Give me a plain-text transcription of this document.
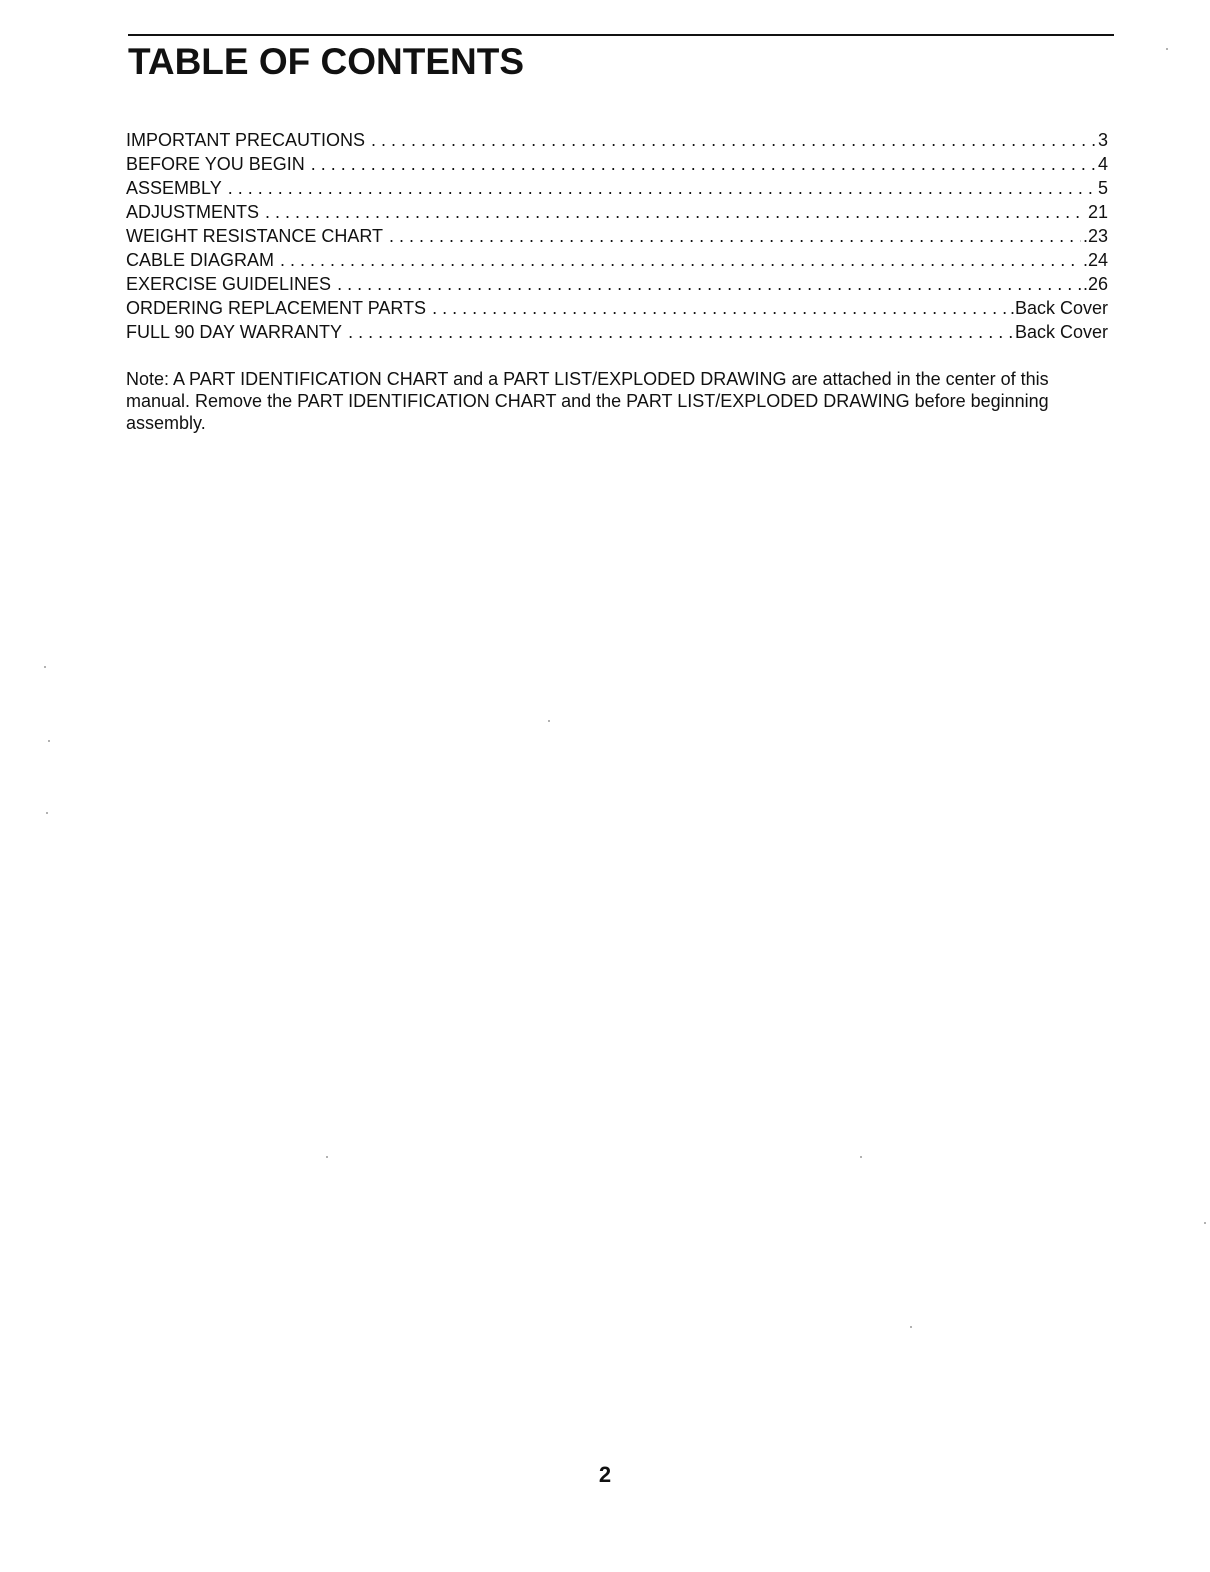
TABLE OF CONTENTS
IMPORTANT PRECAUTIONS . . .	3
BEFORE YOU BEGIN . . .	4
ASSEMBLY . . .	5
ADJUSTMENTS . . .	21
WEIGHT RESISTANCE CHART . . .	.23
CABLE DIAGRAM . . .	.24
EXERCISE GUIDELINES . . .	.26
ORDERING REPLACEMENT PARTS . . .	.Back Cover
FULL 90 DAY WARRANTY . . .	Back Cover

Note: A PART IDENTIFICATION CHART and a PART LIST/EXPLODED DRAWING are attached in the center of this manual. Remove the PART IDENTIFICATION CHART and the PART LIST/EXPLODED DRAWING before beginning assembly.

2
